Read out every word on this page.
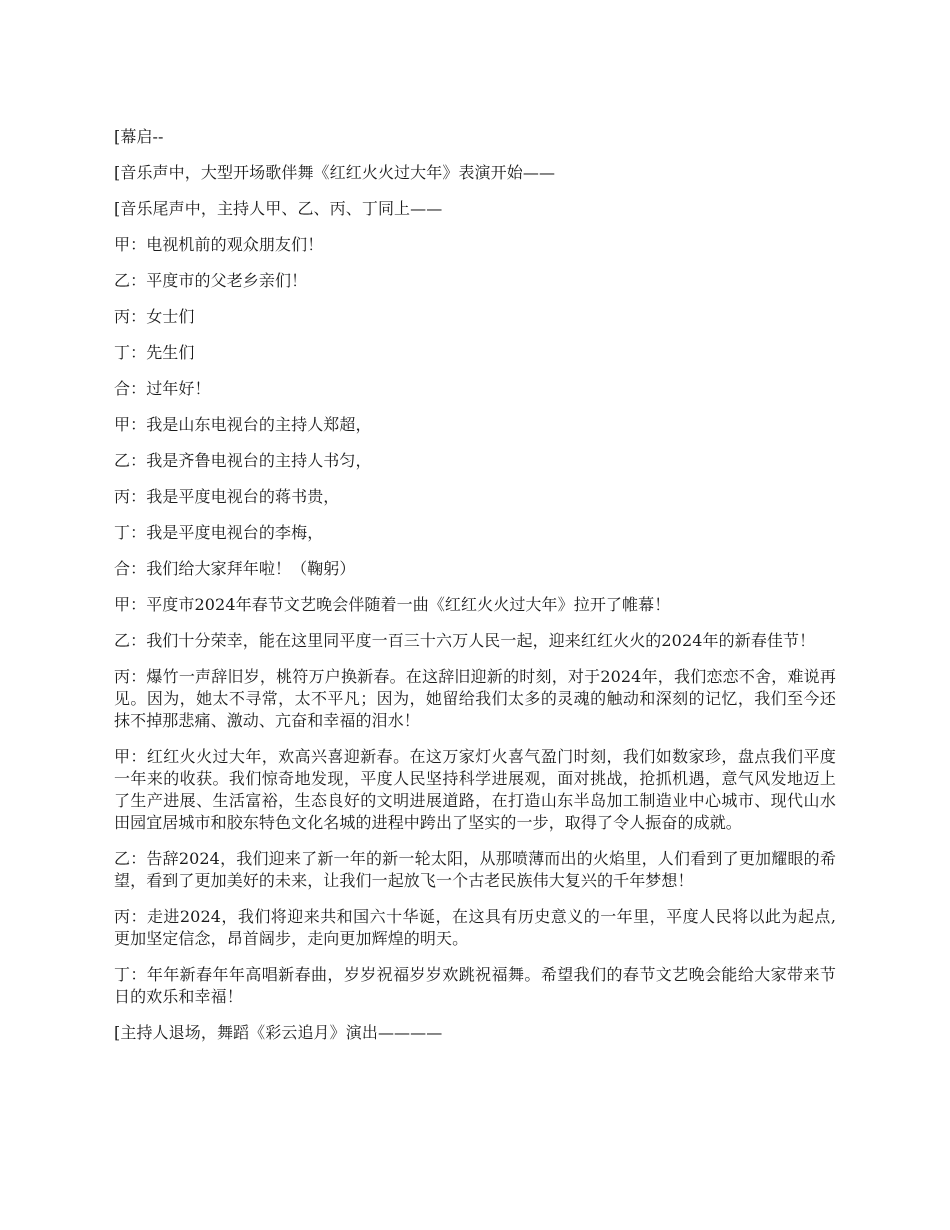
[幕启--

[音乐声中，大型开场歌伴舞《红红火火过大年》表演开始——

[音乐尾声中，主持人甲、乙、丙、丁同上——

甲：电视机前的观众朋友们！

乙：平度市的父老乡亲们！

丙：女士们

丁：先生们

合：过年好！

甲：我是山东电视台的主持人郑超，

乙：我是齐鲁电视台的主持人书匀，

丙：我是平度电视台的蒋书贵，

丁：我是平度电视台的李梅，

合：我们给大家拜年啦！（鞠躬）

甲：平度市2024年春节文艺晚会伴随着一曲《红红火火过大年》拉开了帷幕！

乙：我们十分荣幸，能在这里同平度一百三十六万人民一起，迎来红红火火的2024年的新春佳节！

丙：爆竹一声辞旧岁，桃符万户换新春。在这辞旧迎新的时刻，对于2024年，我们恋恋不舍，难说再见。因为，她太不寻常，太不平凡；因为，她留给我们太多的灵魂的触动和深刻的记忆，我们至今还抹不掉那悲痛、激动、亢奋和幸福的泪水！

甲：红红火火过大年，欢高兴喜迎新春。在这万家灯火喜气盈门时刻，我们如数家珍，盘点我们平度一年来的收获。我们惊奇地发现，平度人民坚持科学进展观，面对挑战，抢抓机遇，意气风发地迈上了生产进展、生活富裕，生态良好的文明进展道路，在打造山东半岛加工制造业中心城市、现代山水田园宜居城市和胶东特色文化名城的进程中跨出了坚实的一步，取得了令人振奋的成就。

乙：告辞2024，我们迎来了新一年的新一轮太阳，从那喷薄而出的火焰里，人们看到了更加耀眼的希望，看到了更加美好的未来，让我们一起放飞一个古老民族伟大复兴的千年梦想！

丙：走进2024，我们将迎来共和国六十华诞，在这具有历史意义的一年里，平度人民将以此为起点,更加坚定信念，昂首阔步，走向更加辉煌的明天。

丁：年年新春年年高唱新春曲，岁岁祝福岁岁欢跳祝福舞。希望我们的春节文艺晚会能给大家带来节日的欢乐和幸福！

[主持人退场，舞蹈《彩云追月》演出————
